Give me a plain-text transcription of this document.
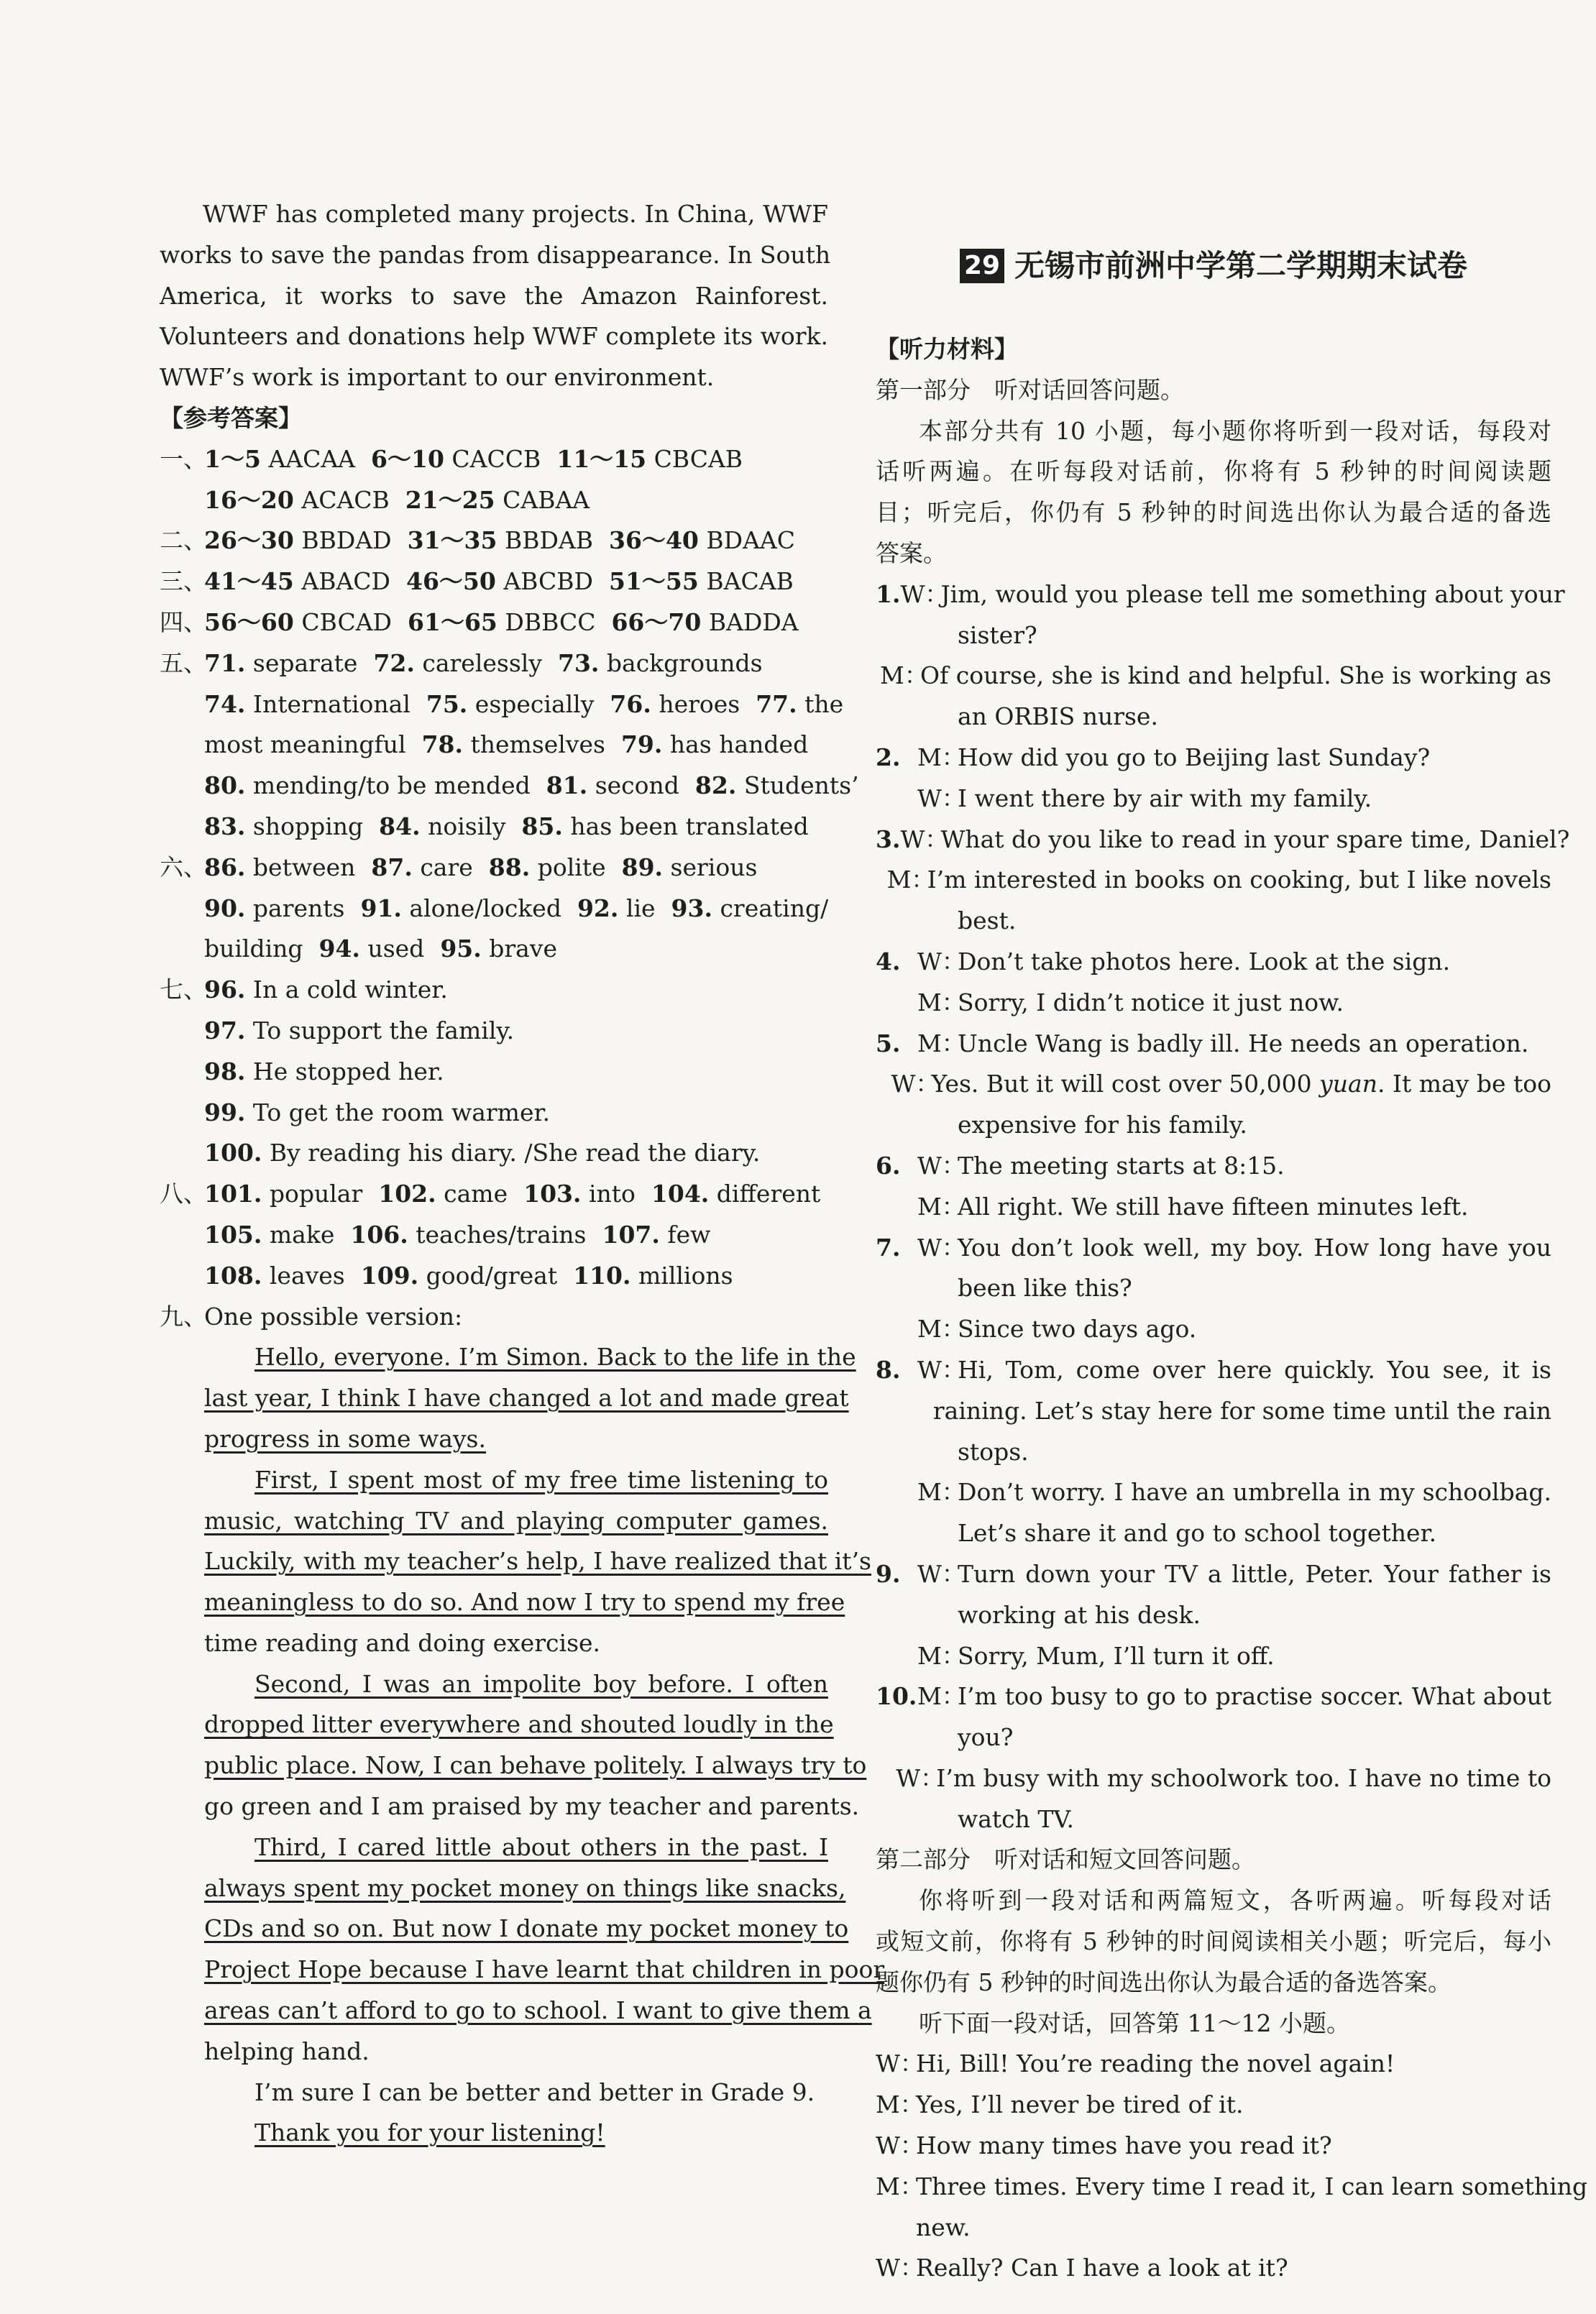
WWF has completed many projects. In China, WWF
works to save the pandas from disappearance. In South
America, it works to save the Amazon Rainforest.
Volunteers and donations help WWF complete its work.
WWF’s work is important to our environment.
【参考答案】
一、1～5 AACAA 6～10 CACCB 11～15 CBCAB
16～20 ACACB 21～25 CABAA
二、26～30 BBDAD 31～35 BBDAB 36～40 BDAAC
三、41～45 ABACD 46～50 ABCBD 51～55 BACAB
四、56～60 CBCAD 61～65 DBBCC 66～70 BADDA
五、71. separate 72. carelessly 73. backgrounds
74. International 75. especially 76. heroes 77. the
most meaningful 78. themselves 79. has handed
80. mending/to be mended 81. second 82. Students’
83. shopping 84. noisily 85. has been translated
六、86. between 87. care 88. polite 89. serious
90. parents 91. alone/locked 92. lie 93. creating/
building 94. used 95. brave
七、96. In a cold winter.
97. To support the family.
98. He stopped her.
99. To get the room warmer.
100. By reading his diary. /She read the diary.
八、101. popular 102. came 103. into 104. different
105. make 106. teaches/trains 107. few
108. leaves 109. good/great 110. millions
九、One possible version:
Hello, everyone. I’m Simon. Back to the life in the
last year, I think I have changed a lot and made great
progress in some ways.
First, I spent most of my free time listening to
music, watching TV and playing computer games.
Luckily, with my teacher’s help, I have realized that it’s
meaningless to do so. And now I try to spend my free
time reading and doing exercise.
Second, I was an impolite boy before. I often
dropped litter everywhere and shouted loudly in the
public place. Now, I can behave politely. I always try to
go green and I am praised by my teacher and parents.
Third, I cared little about others in the past. I
always spent my pocket money on things like snacks,
CDs and so on. But now I donate my pocket money to
Project Hope because I have learnt that children in poor
areas can’t afford to go to school. I want to give them a
helping hand.
I’m sure I can be better and better in Grade 9.
Thank you for your listening!
29 无锡市前洲中学第二学期期末试卷
【听力材料】
第一部分　听对话回答问题。
本部分共有 10 小题，每小题你将听到一段对话，每段对
话听两遍。在听每段对话前，你将有 5 秒钟的时间阅读题
目；听完后，你仍有 5 秒钟的时间选出你认为最合适的备选
答案。
1. W：
Jim, would you please tell me something about your
sister?
M：
Of course, she is kind and helpful. She is working as
an ORBIS nurse.
2. M：
How did you go to Beijing last Sunday?
W：
I went there by air with my family.
3. W：
What do you like to read in your spare time, Daniel?
M：
I’m interested in books on cooking, but I like novels
best.
4. W：
Don’t take photos here. Look at the sign.
M：
Sorry, I didn’t notice it just now.
5. M：
Uncle Wang is badly ill. He needs an operation.
W：
Yes. But it will cost over 50,000 yuan. It may be too
expensive for his family.
6. W：
The meeting starts at 8:15.
M：
All right. We still have fifteen minutes left.
7. W：
You don’t look well, my boy. How long have you
been like this?
M：
Since two days ago.
8. W：
Hi, Tom, come over here quickly. You see, it is
raining. Let’s stay here for some time until the rain
stops.
M：
Don’t worry. I have an umbrella in my schoolbag.
Let’s share it and go to school together.
9. W：
Turn down your TV a little, Peter. Your father is
working at his desk.
M：
Sorry, Mum, I’ll turn it off.
10. M：
I’m too busy to go to practise soccer. What about
you?
W：
I’m busy with my schoolwork too. I have no time to
watch TV.
第二部分　听对话和短文回答问题。
你将听到一段对话和两篇短文，各听两遍。听每段对话
或短文前，你将有 5 秒钟的时间阅读相关小题；听完后，每小
题你仍有 5 秒钟的时间选出你认为最合适的备选答案。
听下面一段对话，回答第 11～12 小题。
W：
Hi, Bill! You’re reading the novel again!
M：
Yes, I’ll never be tired of it.
W：
How many times have you read it?
M：
Three times. Every time I read it, I can learn something
new.
W：
Really? Can I have a look at it?
